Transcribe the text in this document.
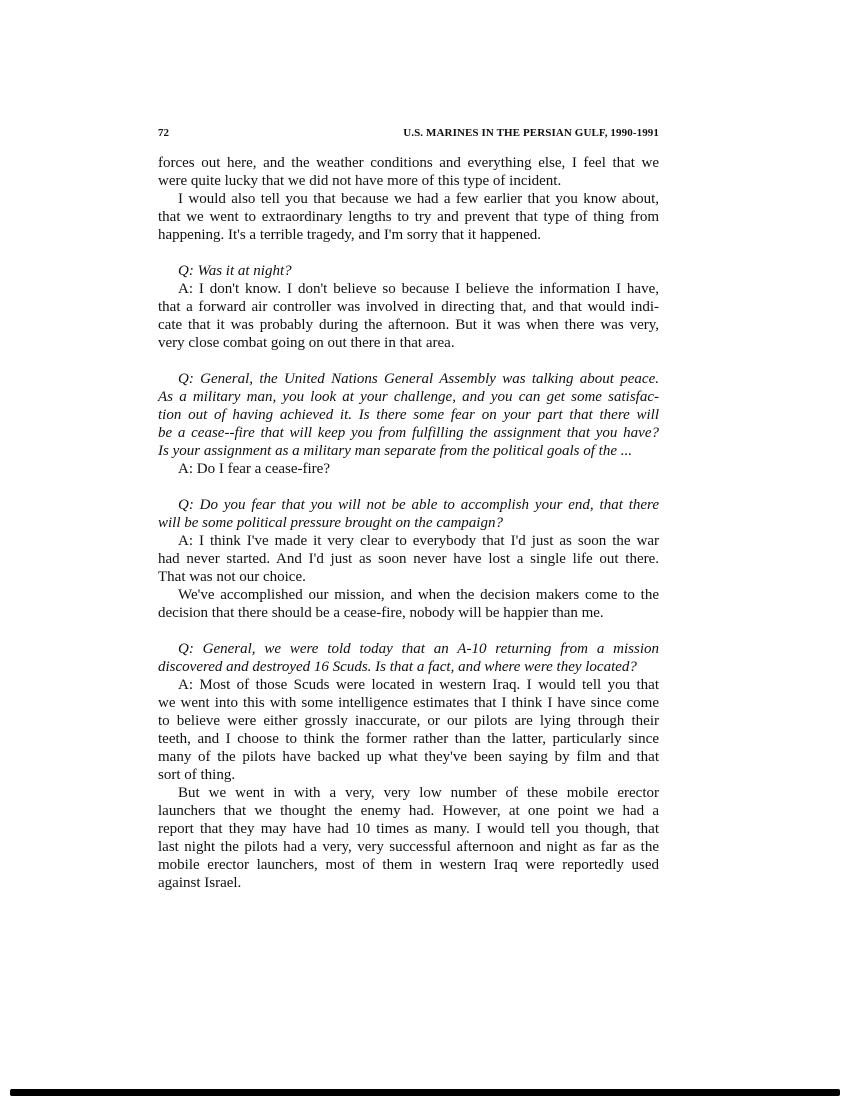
72	U.S. MARINES IN THE PERSIAN GULF, 1990-1991
forces out here, and the weather conditions and everything else, I feel that we
were quite lucky that we did not have more of this type of incident.
I would also tell you that because we had a few earlier that you know about,
that we went to extraordinary lengths to try and prevent that type of thing from
happening. It's a terrible tragedy, and I'm sorry that it happened.
Q: Was it at night?
A: I don't know. I don't believe so because I believe the information I have,
that a forward air controller was involved in directing that, and that would indi-
cate that it was probably during the afternoon. But it was when there was very,
very close combat going on out there in that area.
Q: General, the United Nations General Assembly was talking about peace.
As a military man, you look at your challenge, and you can get some satisfac-
tion out of having achieved it. Is there some fear on your part that there will
be a cease--fire that will keep you from fulfilling the assignment that you have?
Is your assignment as a military man separate from the political goals of the ...
A: Do I fear a cease-fire?
Q: Do you fear that you will not be able to accomplish your end, that there
will be some political pressure brought on the campaign?
A: I think I've made it very clear to everybody that I'd just as soon the war
had never started. And I'd just as soon never have lost a single life out there.
That was not our choice.
We've accomplished our mission, and when the decision makers come to the
decision that there should be a cease-fire, nobody will be happier than me.
Q: General, we were told today that an A-10 returning from a mission
discovered and destroyed 16 Scuds. Is that a fact, and where were they located?
A: Most of those Scuds were located in western Iraq. I would tell you that
we went into this with some intelligence estimates that I think I have since come
to believe were either grossly inaccurate, or our pilots are lying through their
teeth, and I choose to think the former rather than the latter, particularly since
many of the pilots have backed up what they've been saying by film and that
sort of thing.
But we went in with a very, very low number of these mobile erector
launchers that we thought the enemy had. However, at one point we had a
report that they may have had 10 times as many. I would tell you though, that
last night the pilots had a very, very successful afternoon and night as far as the
mobile erector launchers, most of them in western Iraq were reportedly used
against Israel.
